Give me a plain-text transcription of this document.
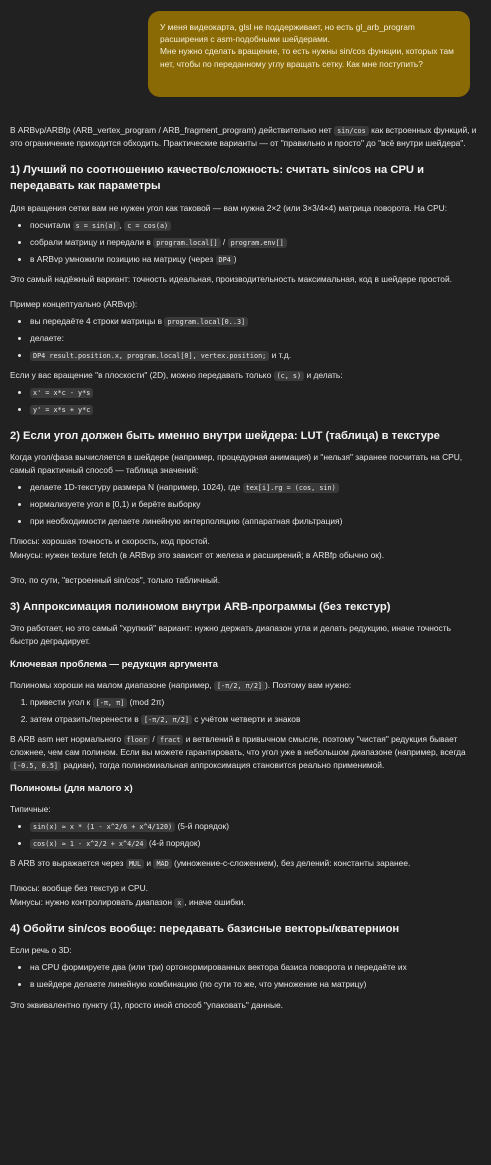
У меня видеокарта, glsl не поддерживает, но есть gl_arb_program расширения с asm-подобными шейдерами.

Мне нужно сделать вращение, то есть нужны sin/cos функции, которых там нет, чтобы по переданному углу вращать сетку. Как мне поступить?

В ARBvp/ARBfp (ARB_vertex_program / ARB_fragment_program) действительно нет sin/cos как встроенных функций, и это ограничение приходится обходить. Практические варианты — от "правильно и просто" до "всё внутри шейдера".

1) Лучший по соотношению качество/сложность: считать sin/cos на CPU и передавать как параметры

Для вращения сетки вам не нужен угол как таковой — вам нужна 2×2 (или 3×3/4×4) матрица поворота. На CPU:

• посчитали s = sin(a) , c = cos(a)
• собрали матрицу и передали в program.local[] / program.env[]
• в ARBvp умножили позицию на матрицу (через DP4 )

Это самый надёжный вариант: точность идеальная, производительность максимальная, код в шейдере простой.

Пример концептуально (ARBvp):

• вы передаёте 4 строки матрицы в program.local[0..3]
• делаете:
• DP4 result.position.x, program.local[0], vertex.position; и т.д.

Если у вас вращение "в плоскости" (2D), можно передавать только (c, s) и делать:

• x' = x*c - y*s
• y' = x*s + y*c
2) Если угол должен быть именно внутри шейдера: LUT (таблица) в текстуре

Когда угол/фаза вычисляется в шейдере (например, процедурная анимация) и "нельзя" заранее посчитать на CPU, самый практичный способ — таблица значений:

• делаете 1D-текстуру размера N (например, 1024), где tex[i].rg = (cos, sin)
• нормализуете угол в [0,1) и берёте выборку
• при необходимости делаете линейную интерполяцию (аппаратная фильтрация)

Плюсы: хорошая точность и скорость, код простой.

Минусы: нужен texture fetch (в ARBvp это зависит от железа и расширений; в ARBfp обычно ок).

Это, по сути, "встроенный sin/cos", только табличный.

3) Аппроксимация полиномом внутри ARB-программы (без текстур)

Это работает, но это самый "хрупкий" вариант: нужно держать диапазон угла и делать редукцию, иначе точность быстро деградирует.

Ключевая проблема — редукция аргумента

Полиномы хороши на малом диапазоне (например, [-π/2, π/2] ). Поэтому вам нужно:

1. привести угол к [-π, π] (mod 2π)
2. затем отразить/перенести в [-π/2, π/2] с учётом четверти и знаков

В ARB asm нет нормального floor / fract и ветвлений в привычном смысле, поэтому "чистая" редукция бывает сложнее, чем сам полином. Если вы можете гарантировать, что угол уже в небольшом диапазоне (например, всегда [-0.5, 0.5] радиан), тогда полиномиальная аппроксимация становится реально применимой.

Полиномы (для малого x)

Типичные:

• sin(x) ≈ x * (1 - x^2/6 + x^4/120) (5-й порядок)
• cos(x) ≈ 1 - x^2/2 + x^4/24 (4-й порядок)

В ARB это выражается через MUL и MAD (умножение-с-сложением), без делений: константы заранее.

Плюсы: вообще без текстур и CPU.

Минусы: нужно контролировать диапазон x , иначе ошибки.

4) Обойти sin/cos вообще: передавать базисные векторы/кватернион

Если речь о 3D:

• на CPU формируете два (или три) ортонормированных вектора базиса поворота и передаёте их
• в шейдере делаете линейную комбинацию (по сути то же, что умножение на матрицу)

Это эквивалентно пункту (1), просто иной способ "упаковать" данные.
